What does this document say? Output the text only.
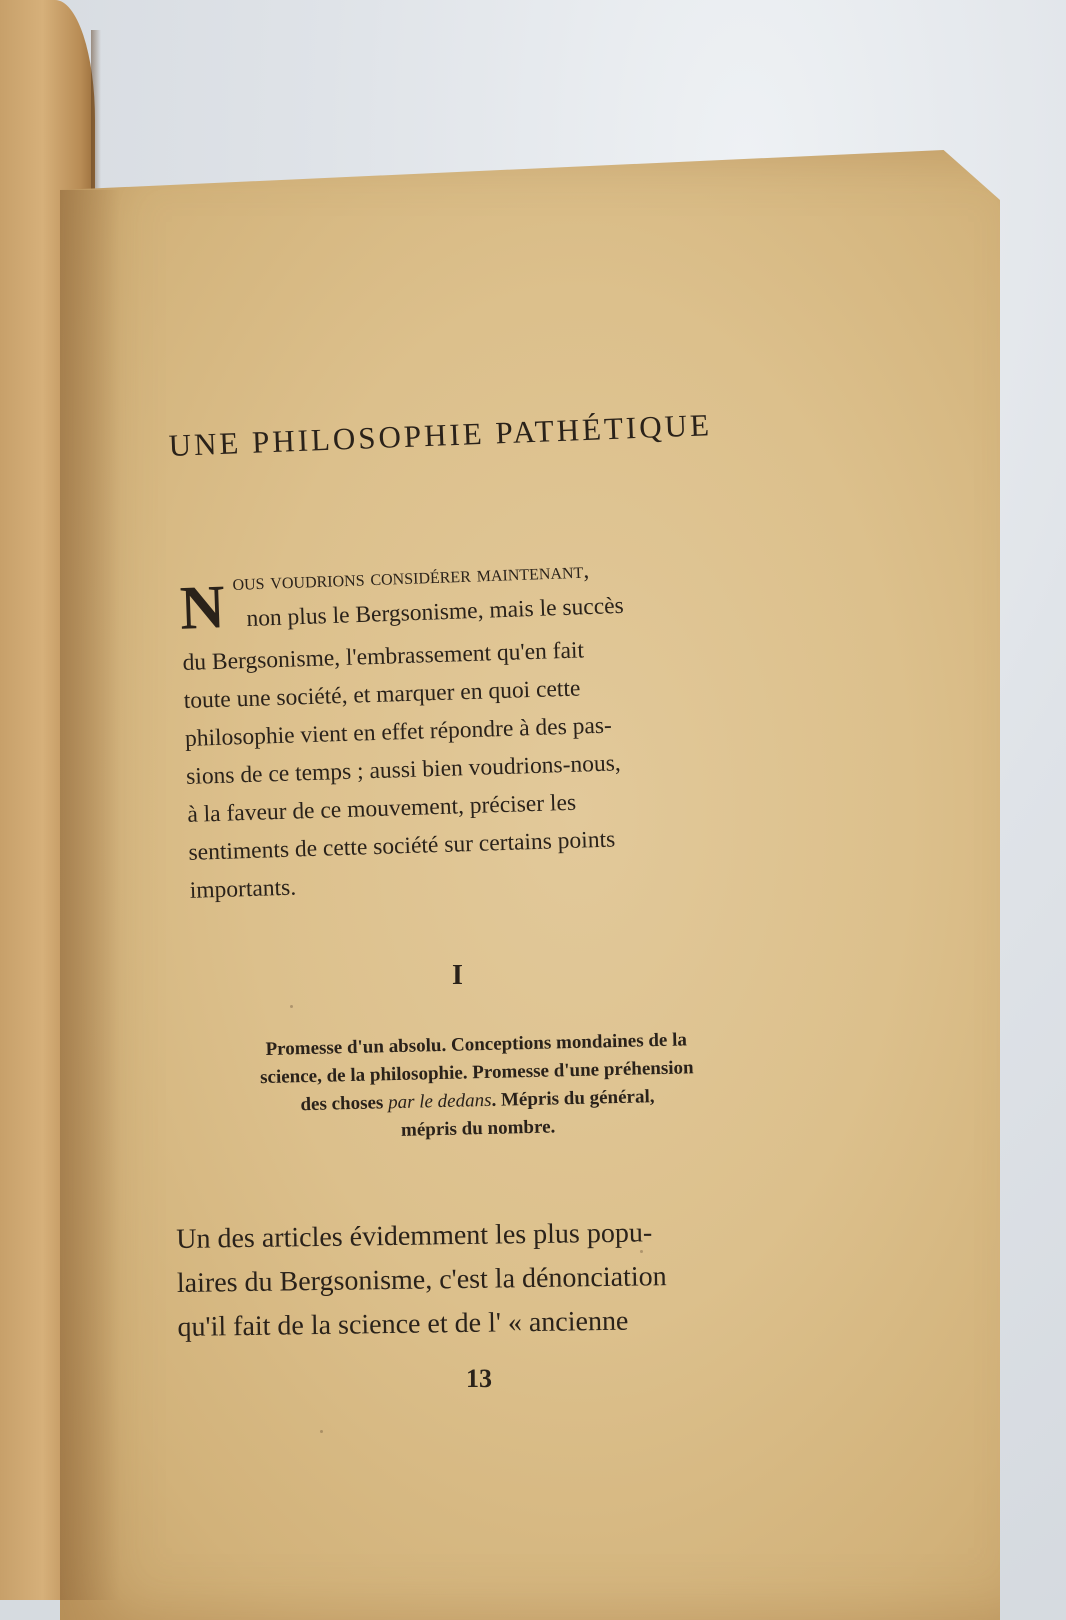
UNE PHILOSOPHIE PATHÉTIQUE
N ous voudrions considérer maintenant,
non plus le Bergsonisme, mais le succès
du Bergsonisme, l'embrassement qu'en fait
toute une société, et marquer en quoi cette
philosophie vient en effet répondre à des pas-
sions de ce temps ; aussi bien voudrions-nous,
à la faveur de ce mouvement, préciser les
sentiments de cette société sur certains points
importants.
I
Promesse d'un absolu. Conceptions mondaines de la
science, de la philosophie. Promesse d'une préhension
des choses par le dedans. Mépris du général,
mépris du nombre.
Un des articles évidemment les plus popu-
laires du Bergsonisme, c'est la dénonciation
qu'il fait de la science et de l' « ancienne
13
